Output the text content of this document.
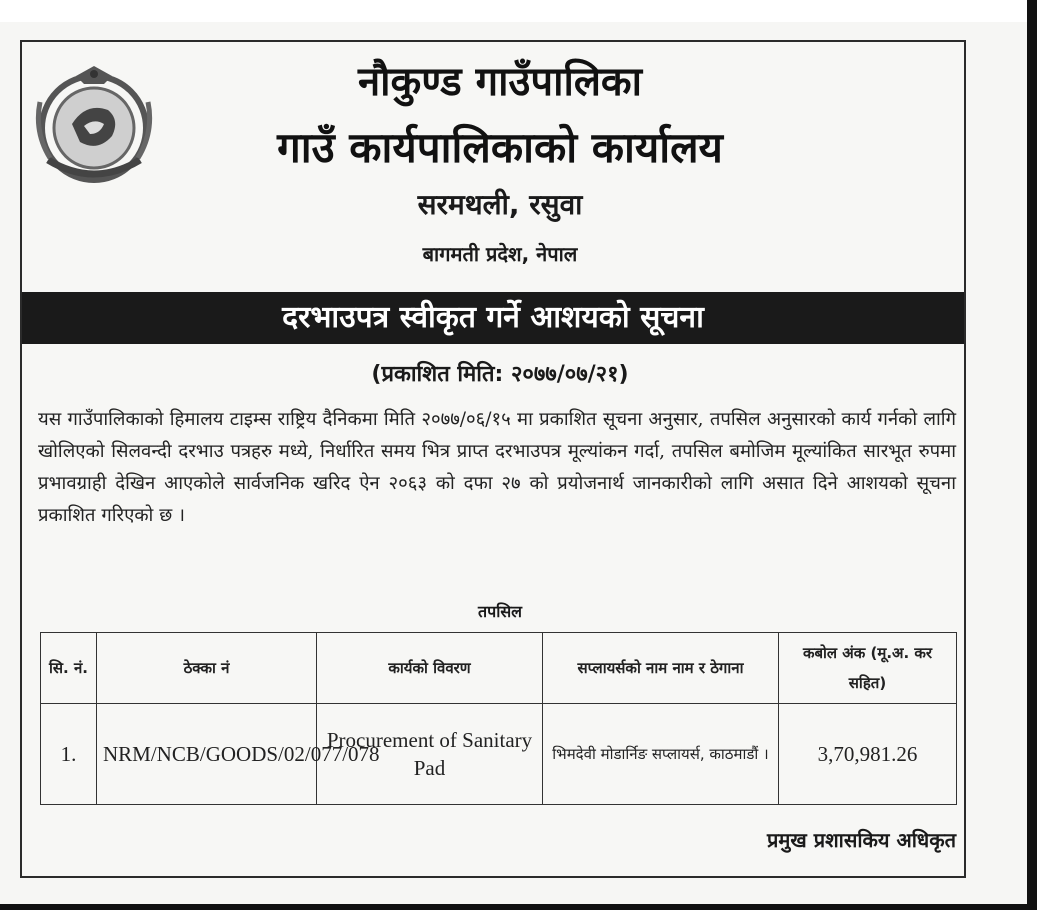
नौकुण्ड गाउँपालिका
गाउँ कार्यपालिकाको कार्यालय
सरमथली, रसुवा
बागमती प्रदेश, नेपाल
दरभाउपत्र स्वीकृत गर्ने आशयको सूचना
(प्रकाशित मिति: २०७७/०७/२१)
यस गाउँपालिकाको हिमालय टाइम्स राष्ट्रिय दैनिकमा मिति २०७७/०६/१५ मा प्रकाशित सूचना अनुसार, तपसिल अनुसारको कार्य गर्नको लागि खोलिएको सिलवन्दी दरभाउ पत्रहरु मध्ये, निर्धारित समय भित्र प्राप्त दरभाउपत्र मूल्यांकन गर्दा, तपसिल बमोजिम मूल्यांकित सारभूत रुपमा प्रभावग्राही देखिन आएकोले सार्वजनिक खरिद ऐन २०६३ को दफा २७ को प्रयोजनार्थ जानकारीको लागि अ‍सात दिने आशयको सूचना प्रकाशित गरिएको छ ।
तपसिल
सि. नं.	ठेक्का नं	कार्यको विवरण	सप्लायर्सको नाम नाम र ठेगाना	कबोल अंक (मू.अ. कर सहित)
1.	NRM/NCB/GOODS/02/077/078	Procurement of Sanitary Pad	भिमदेवी मोडार्निङ सप्लायर्स, काठमाडौं ।	3,70,981.26
प्रमुख प्रशासकिय अधिकृत
